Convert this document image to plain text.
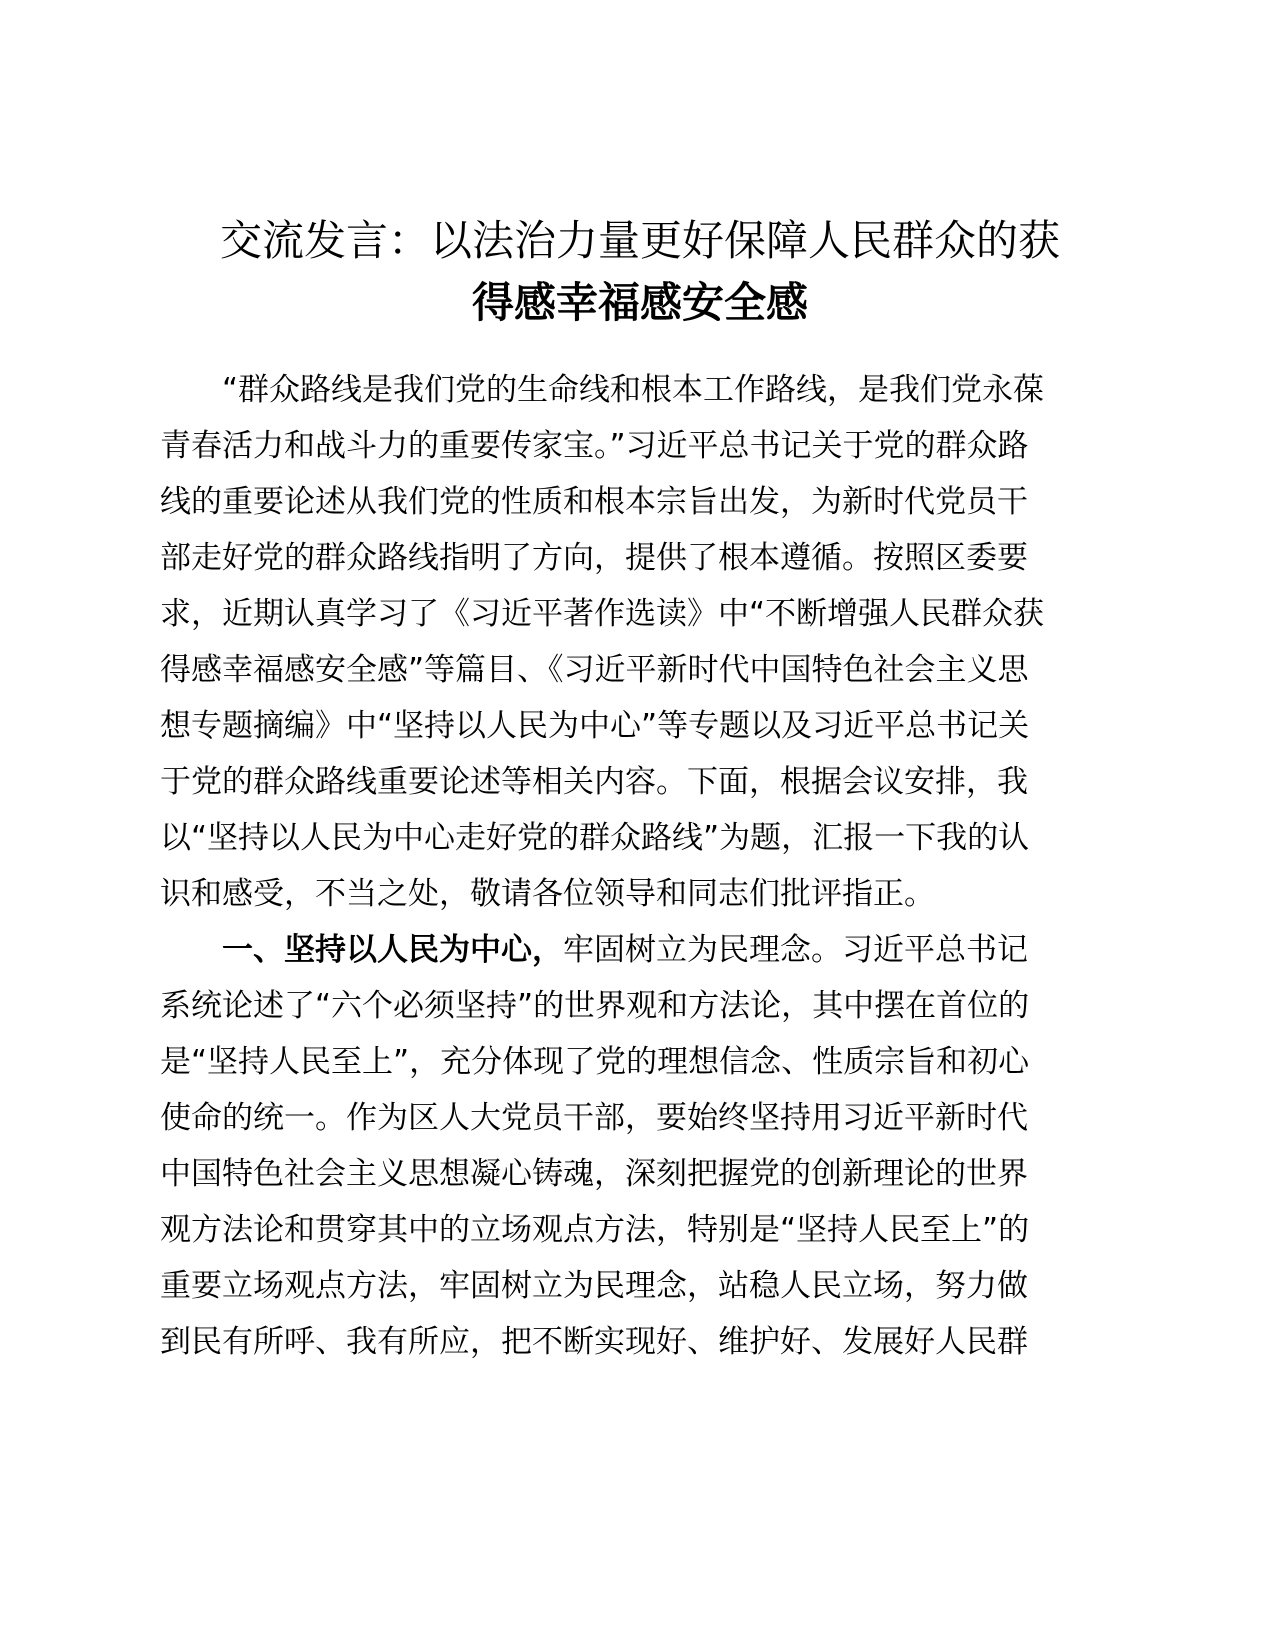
交流发言：以法治力量更好保障人民群众的获
得感幸福感安全感
“群众路线是我们党的生命线和根本工作路线，是我们党永葆
青春活力和战斗力的重要传家宝。”习近平总书记关于党的群众路
线的重要论述从我们党的性质和根本宗旨出发，为新时代党员干
部走好党的群众路线指明了方向，提供了根本遵循。按照区委要
求，近期认真学习了《习近平著作选读》中“不断增强人民群众获
得感幸福感安全感”等篇目、《习近平新时代中国特色社会主义思
想专题摘编》中“坚持以人民为中心”等专题以及习近平总书记关
于党的群众路线重要论述等相关内容。下面，根据会议安排，我
以“坚持以人民为中心走好党的群众路线”为题，汇报一下我的认
识和感受，不当之处，敬请各位领导和同志们批评指正。
一、坚持以人民为中心，牢固树立为民理念。习近平总书记
系统论述了“六个必须坚持”的世界观和方法论，其中摆在首位的
是“坚持人民至上”，充分体现了党的理想信念、性质宗旨和初心
使命的统一。作为区人大党员干部，要始终坚持用习近平新时代
中国特色社会主义思想凝心铸魂，深刻把握党的创新理论的世界
观方法论和贯穿其中的立场观点方法，特别是“坚持人民至上”的
重要立场观点方法，牢固树立为民理念，站稳人民立场，努力做
到民有所呼、我有所应，把不断实现好、维护好、发展好人民群
